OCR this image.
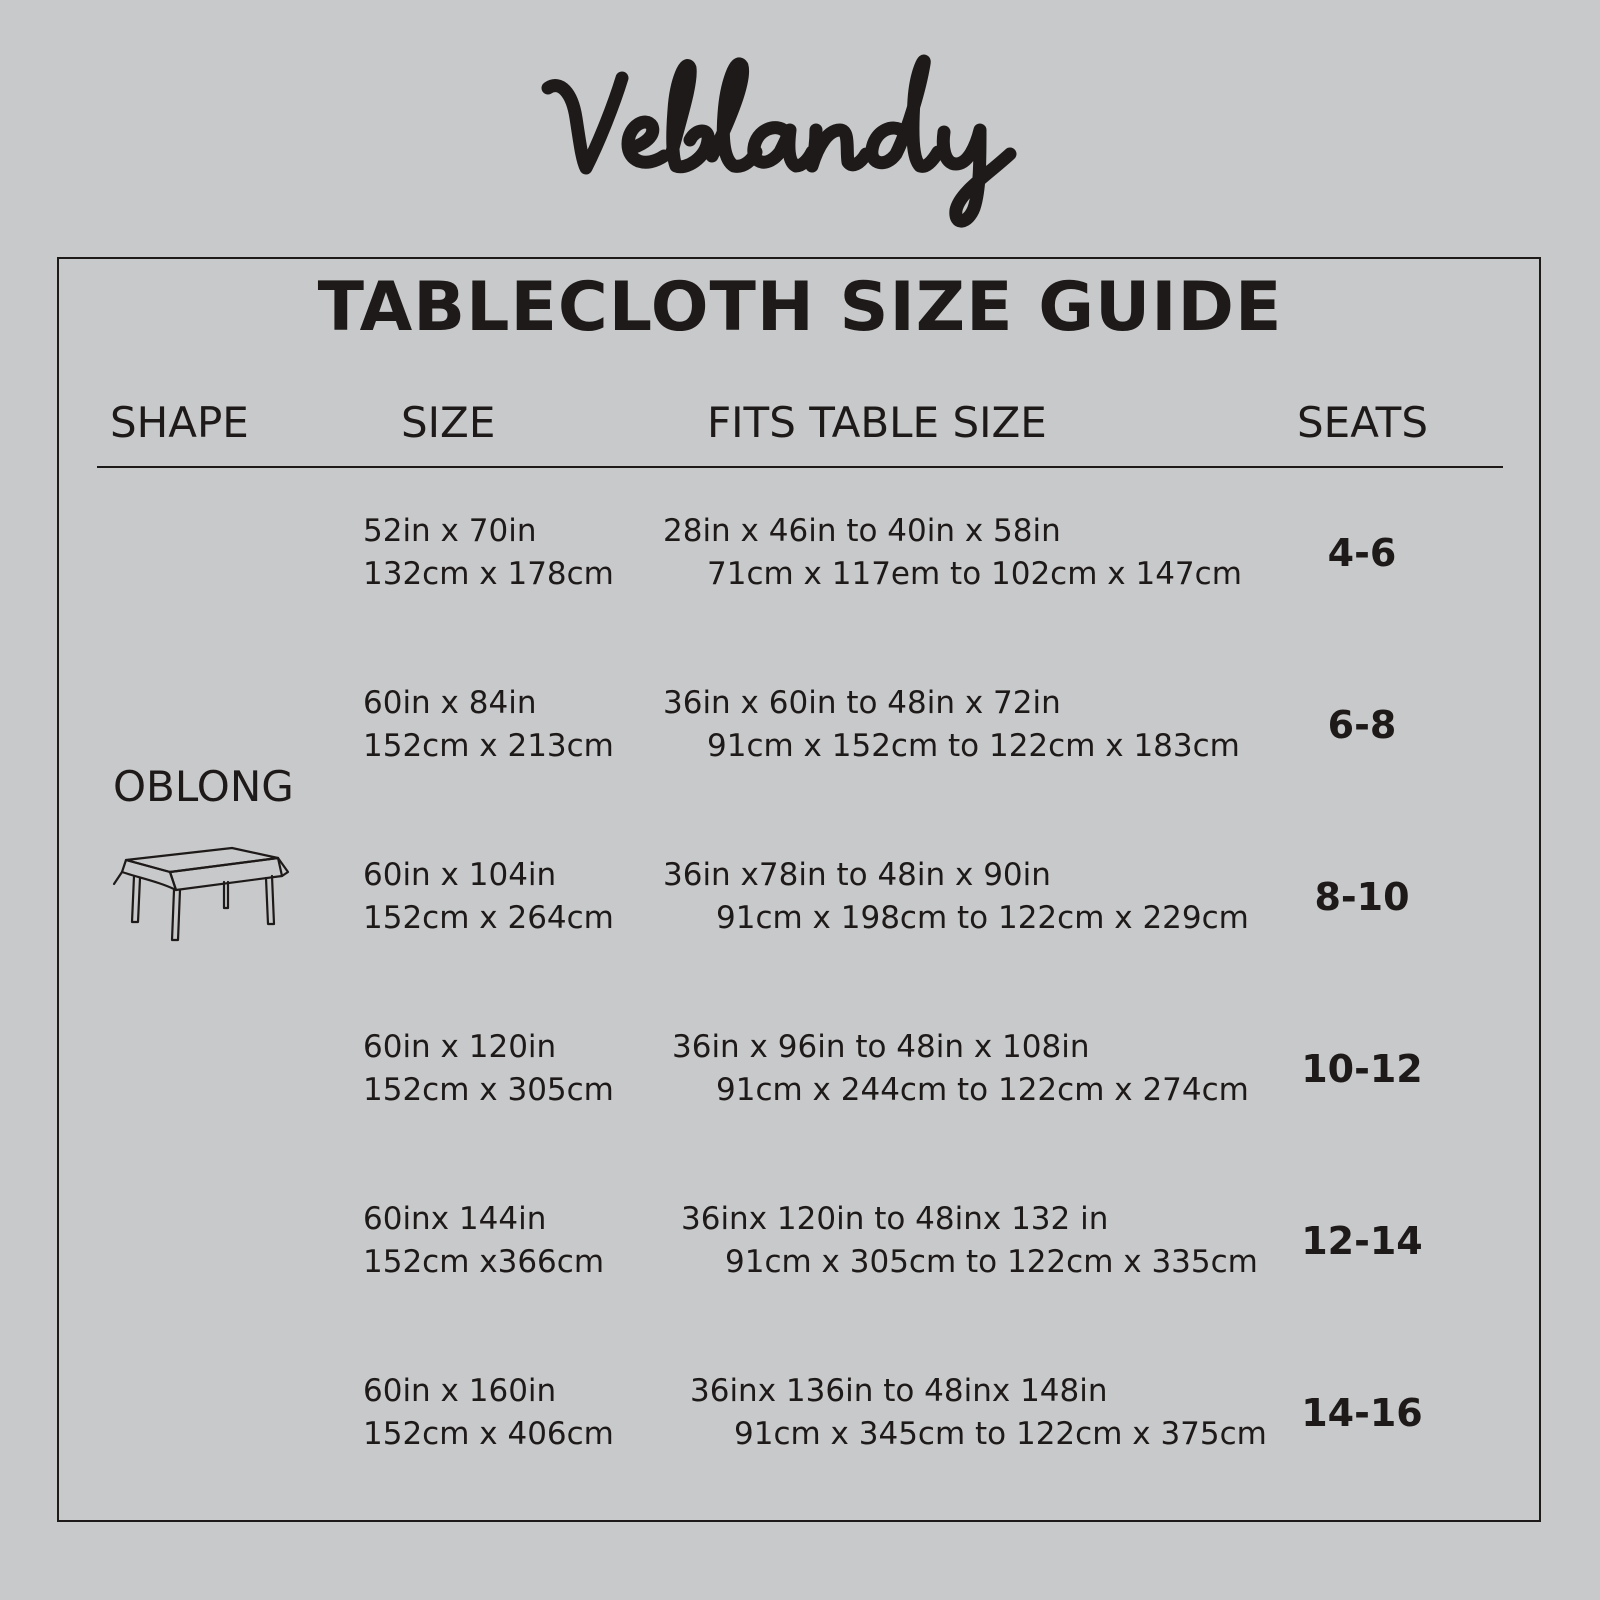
TABLECLOTH SIZE GUIDE
SHAPE	SIZE	FITS TABLE SIZE	SEATS
OBLONG
52in x 70in
132cm x 178cm
28in x 46in to 40in x 58in
71cm x 117em to 102cm x 147cm	4-6
60in x 84in
152cm x 213cm
36in x 60in to 48in x 72in
91cm x 152cm to 122cm x 183cm	6-8
60in x 104in
152cm x 264cm
36in x78in to 48in x 90in
91cm x 198cm to 122cm x 229cm	8-10
60in x 120in
152cm x 305cm
36in x 96in to 48in x 108in
91cm x 244cm to 122cm x 274cm	10-12
60inx 144in
152cm x366cm
36inx 120in to 48inx 132 in
91cm x 305cm to 122cm x 335cm	12-14
60in x 160in
152cm x 406cm
36inx 136in to 48inx 148in
91cm x 345cm to 122cm x 375cm 14-16
